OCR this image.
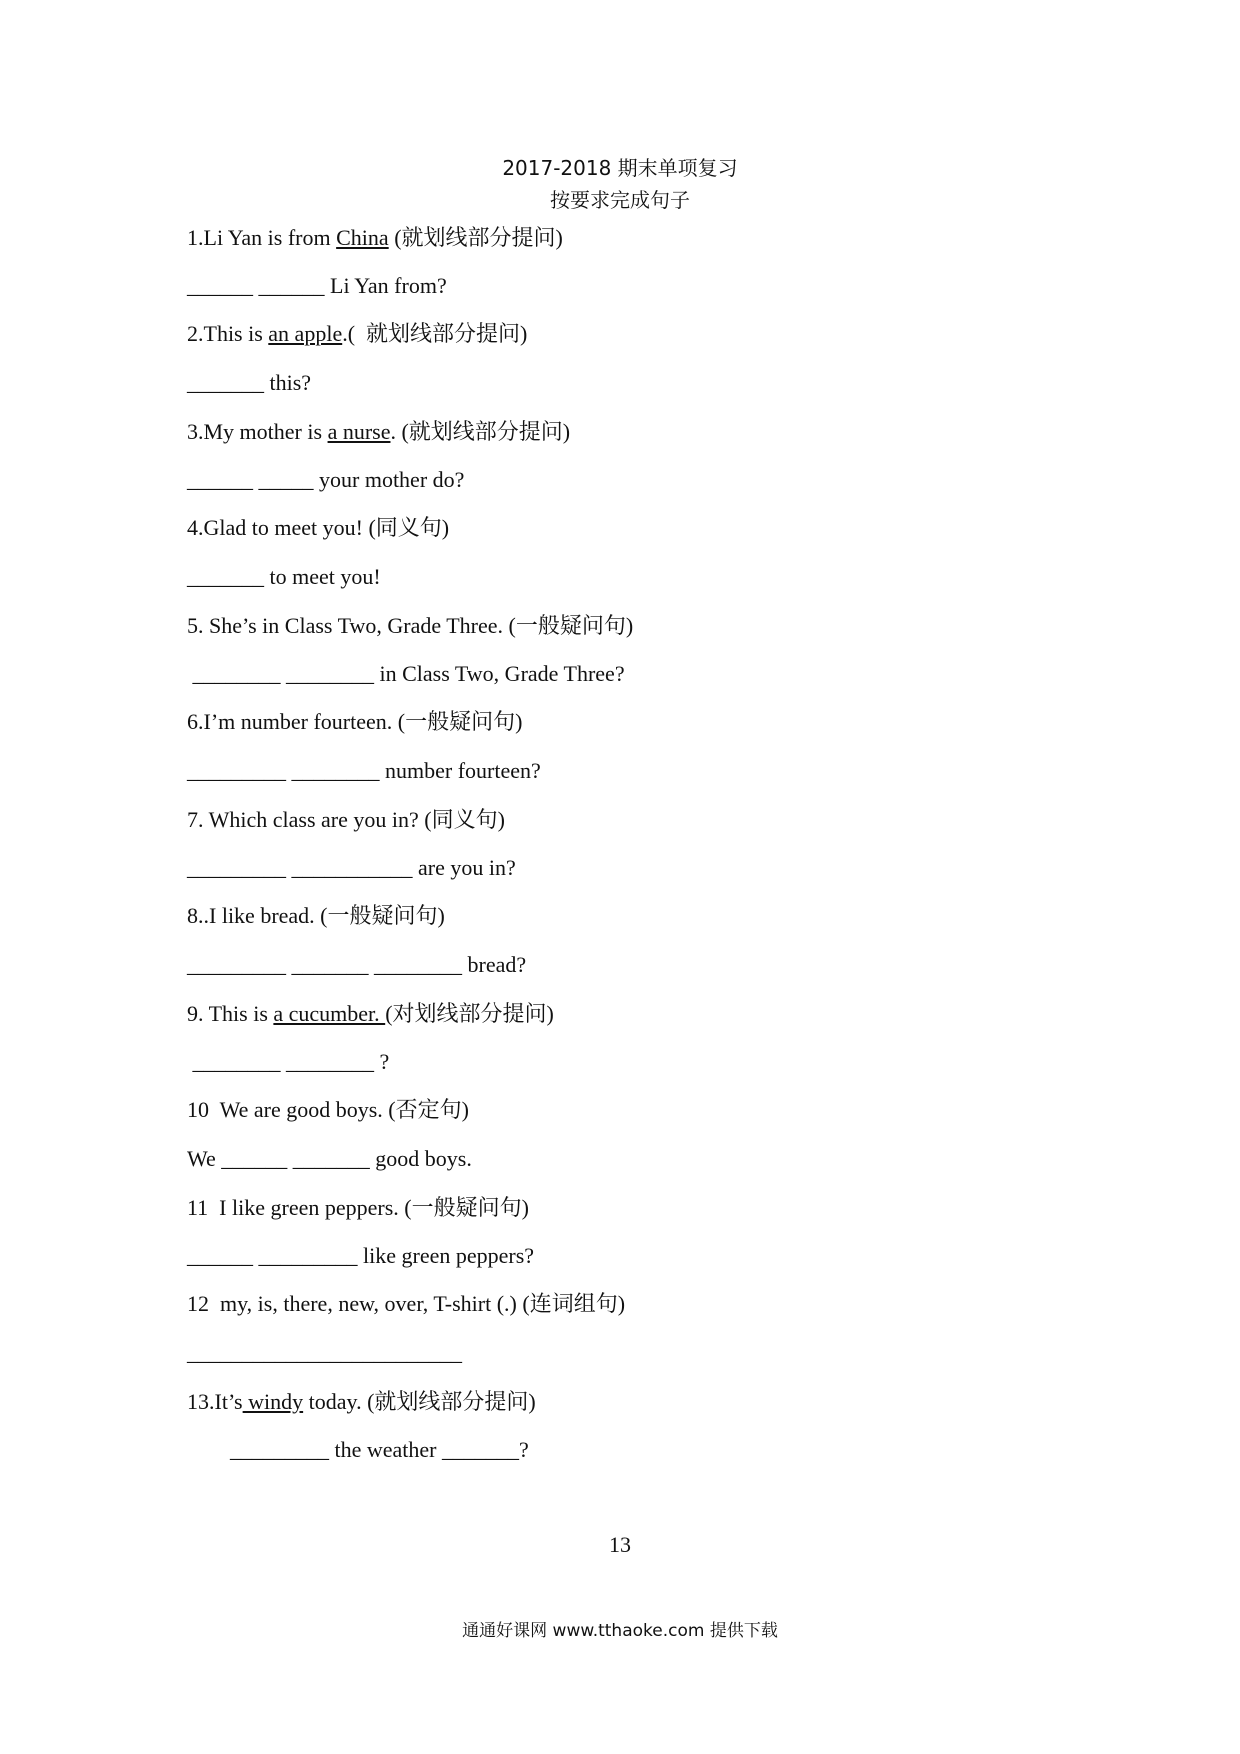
2017-2018 期末单项复习
按要求完成句子
1.Li Yan is from China (就划线部分提问)
______ ______ Li Yan from?
2.This is an apple.(  就划线部分提问)
_______ this?
3.My mother is a nurse. (就划线部分提问)
______ _____ your mother do?
4.Glad to meet you! (同义句)
_______ to meet you!
5. She’s in Class Two, Grade Three. (一般疑问句)
________ ________ in Class Two, Grade Three?
6.I’m number fourteen. (一般疑问句)
_________ ________ number fourteen?
7. Which class are you in? (同义句)
_________ ___________ are you in?
8..I like bread. (一般疑问句)
_________ _______ ________ bread?
9. This is a cucumber. (对划线部分提问)
________ ________ ?
10  We are good boys. (否定句)
We ______ _______ good boys.
11  I like green peppers. (一般疑问句)
______ _________ like green peppers?
12  my, is, there, new, over, T-shirt (.) (连词组句)
_________________________
13.It’s windy today. (就划线部分提问)
_________ the weather _______?
13
通通好课网 www.tthaoke.com 提供下载
